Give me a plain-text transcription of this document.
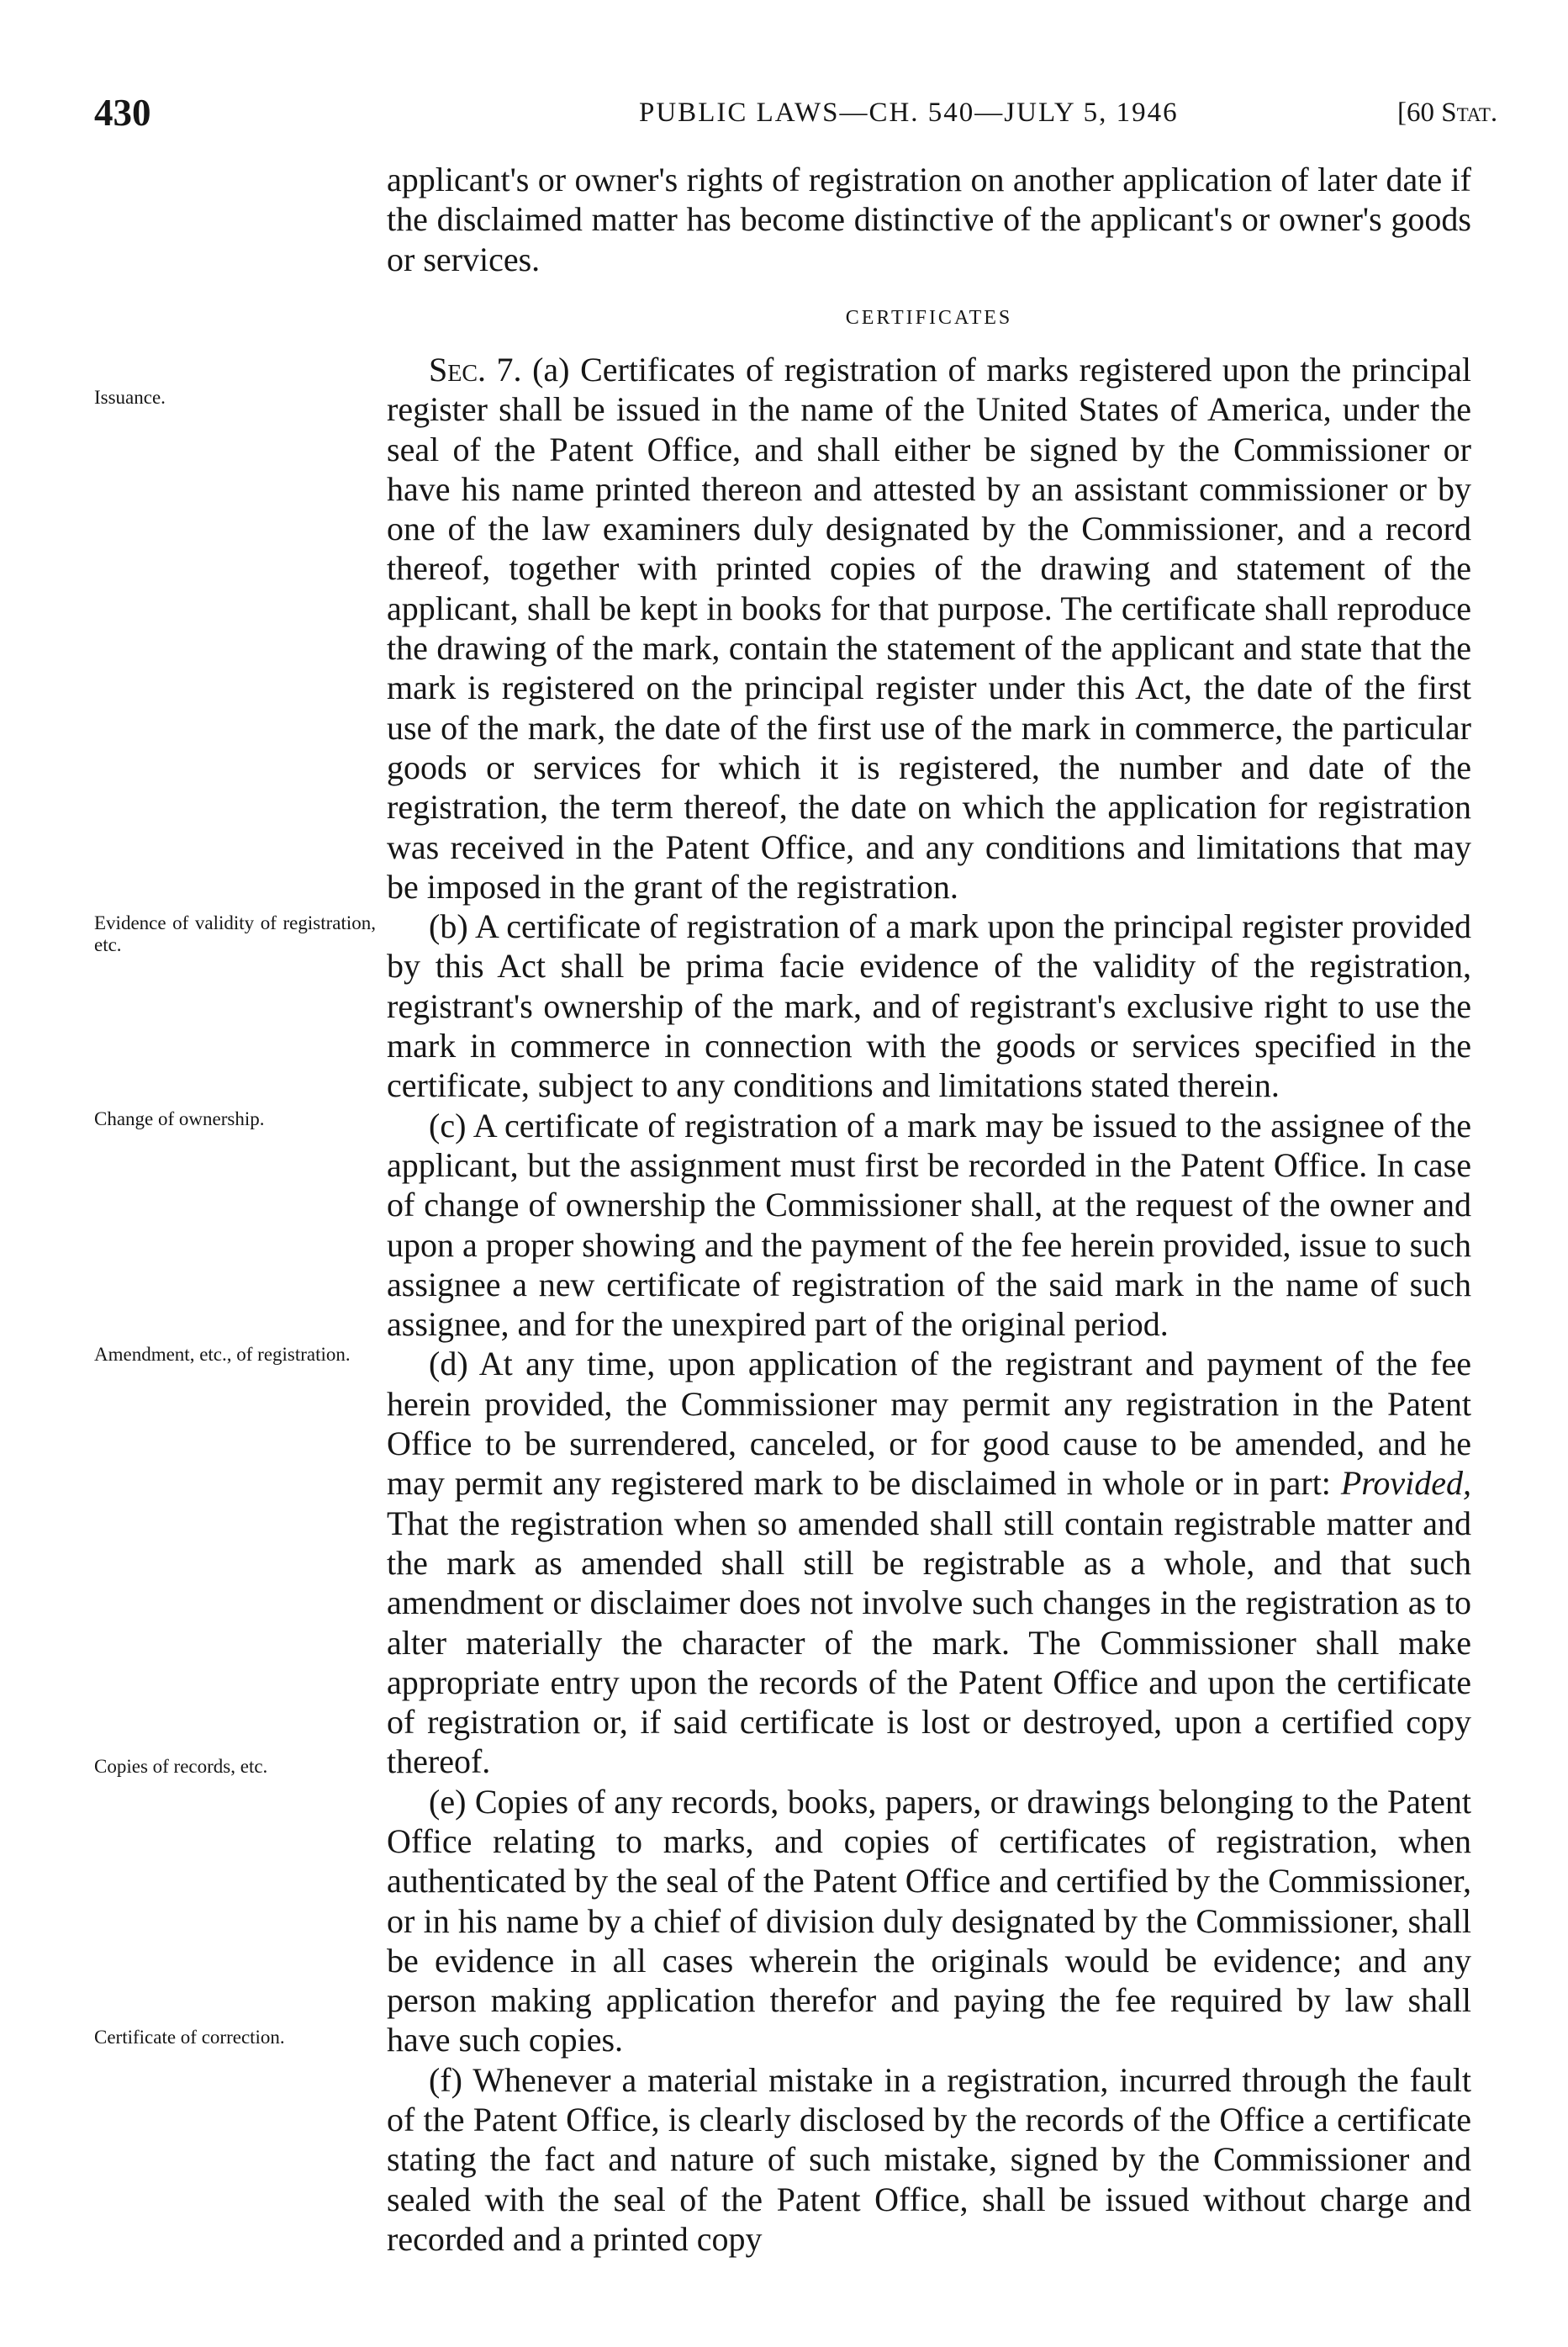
430	PUBLIC LAWS—CH. 540—JULY 5, 1946	[60 Stat.

applicant's or owner's rights of registration on another application of later date if the disclaimed matter has become distinctive of the applicant's or owner's goods or services.

CERTIFICATES
Issuance.
Evidence of validity of registration, etc.
Change of ownership.
Amendment, etc., of registration.
Copies of records, etc.
Certificate of correction.

Sec. 7. (a) Certificates of registration of marks registered upon the principal register shall be issued in the name of the United States of America, under the seal of the Patent Office, and shall either be signed by the Commissioner or have his name printed thereon and attested by an assistant commissioner or by one of the law examiners duly designated by the Commissioner, and a record thereof, together with printed copies of the drawing and statement of the applicant, shall be kept in books for that purpose. The certificate shall reproduce the drawing of the mark, contain the statement of the applicant and state that the mark is registered on the principal register under this Act, the date of the first use of the mark, the date of the first use of the mark in commerce, the particular goods or services for which it is registered, the number and date of the registration, the term thereof, the date on which the application for registration was received in the Patent Office, and any conditions and limitations that may be imposed in the grant of the registration.

(b) A certificate of registration of a mark upon the principal register provided by this Act shall be prima facie evidence of the validity of the registration, registrant's ownership of the mark, and of registrant's exclusive right to use the mark in commerce in connection with the goods or services specified in the certificate, subject to any conditions and limitations stated therein.

(c) A certificate of registration of a mark may be issued to the assignee of the applicant, but the assignment must first be recorded in the Patent Office. In case of change of ownership the Commissioner shall, at the request of the owner and upon a proper showing and the payment of the fee herein provided, issue to such assignee a new certificate of registration of the said mark in the name of such assignee, and for the unexpired part of the original period.

(d) At any time, upon application of the registrant and payment of the fee herein provided, the Commissioner may permit any registration in the Patent Office to be surrendered, canceled, or for good cause to be amended, and he may permit any registered mark to be disclaimed in whole or in part: Provided, That the registration when so amended shall still contain registrable matter and the mark as amended shall still be registrable as a whole, and that such amendment or disclaimer does not involve such changes in the registration as to alter materially the character of the mark. The Commissioner shall make appropriate entry upon the records of the Patent Office and upon the certificate of registration or, if said certificate is lost or destroyed, upon a certified copy thereof.

(e) Copies of any records, books, papers, or drawings belonging to the Patent Office relating to marks, and copies of certificates of registration, when authenticated by the seal of the Patent Office and certified by the Commissioner, or in his name by a chief of division duly designated by the Commissioner, shall be evidence in all cases wherein the originals would be evidence; and any person making application therefor and paying the fee required by law shall have such copies.

(f) Whenever a material mistake in a registration, incurred through the fault of the Patent Office, is clearly disclosed by the records of the Office a certificate stating the fact and nature of such mistake, signed by the Commissioner and sealed with the seal of the Patent Office, shall be issued without charge and recorded and a printed copy
